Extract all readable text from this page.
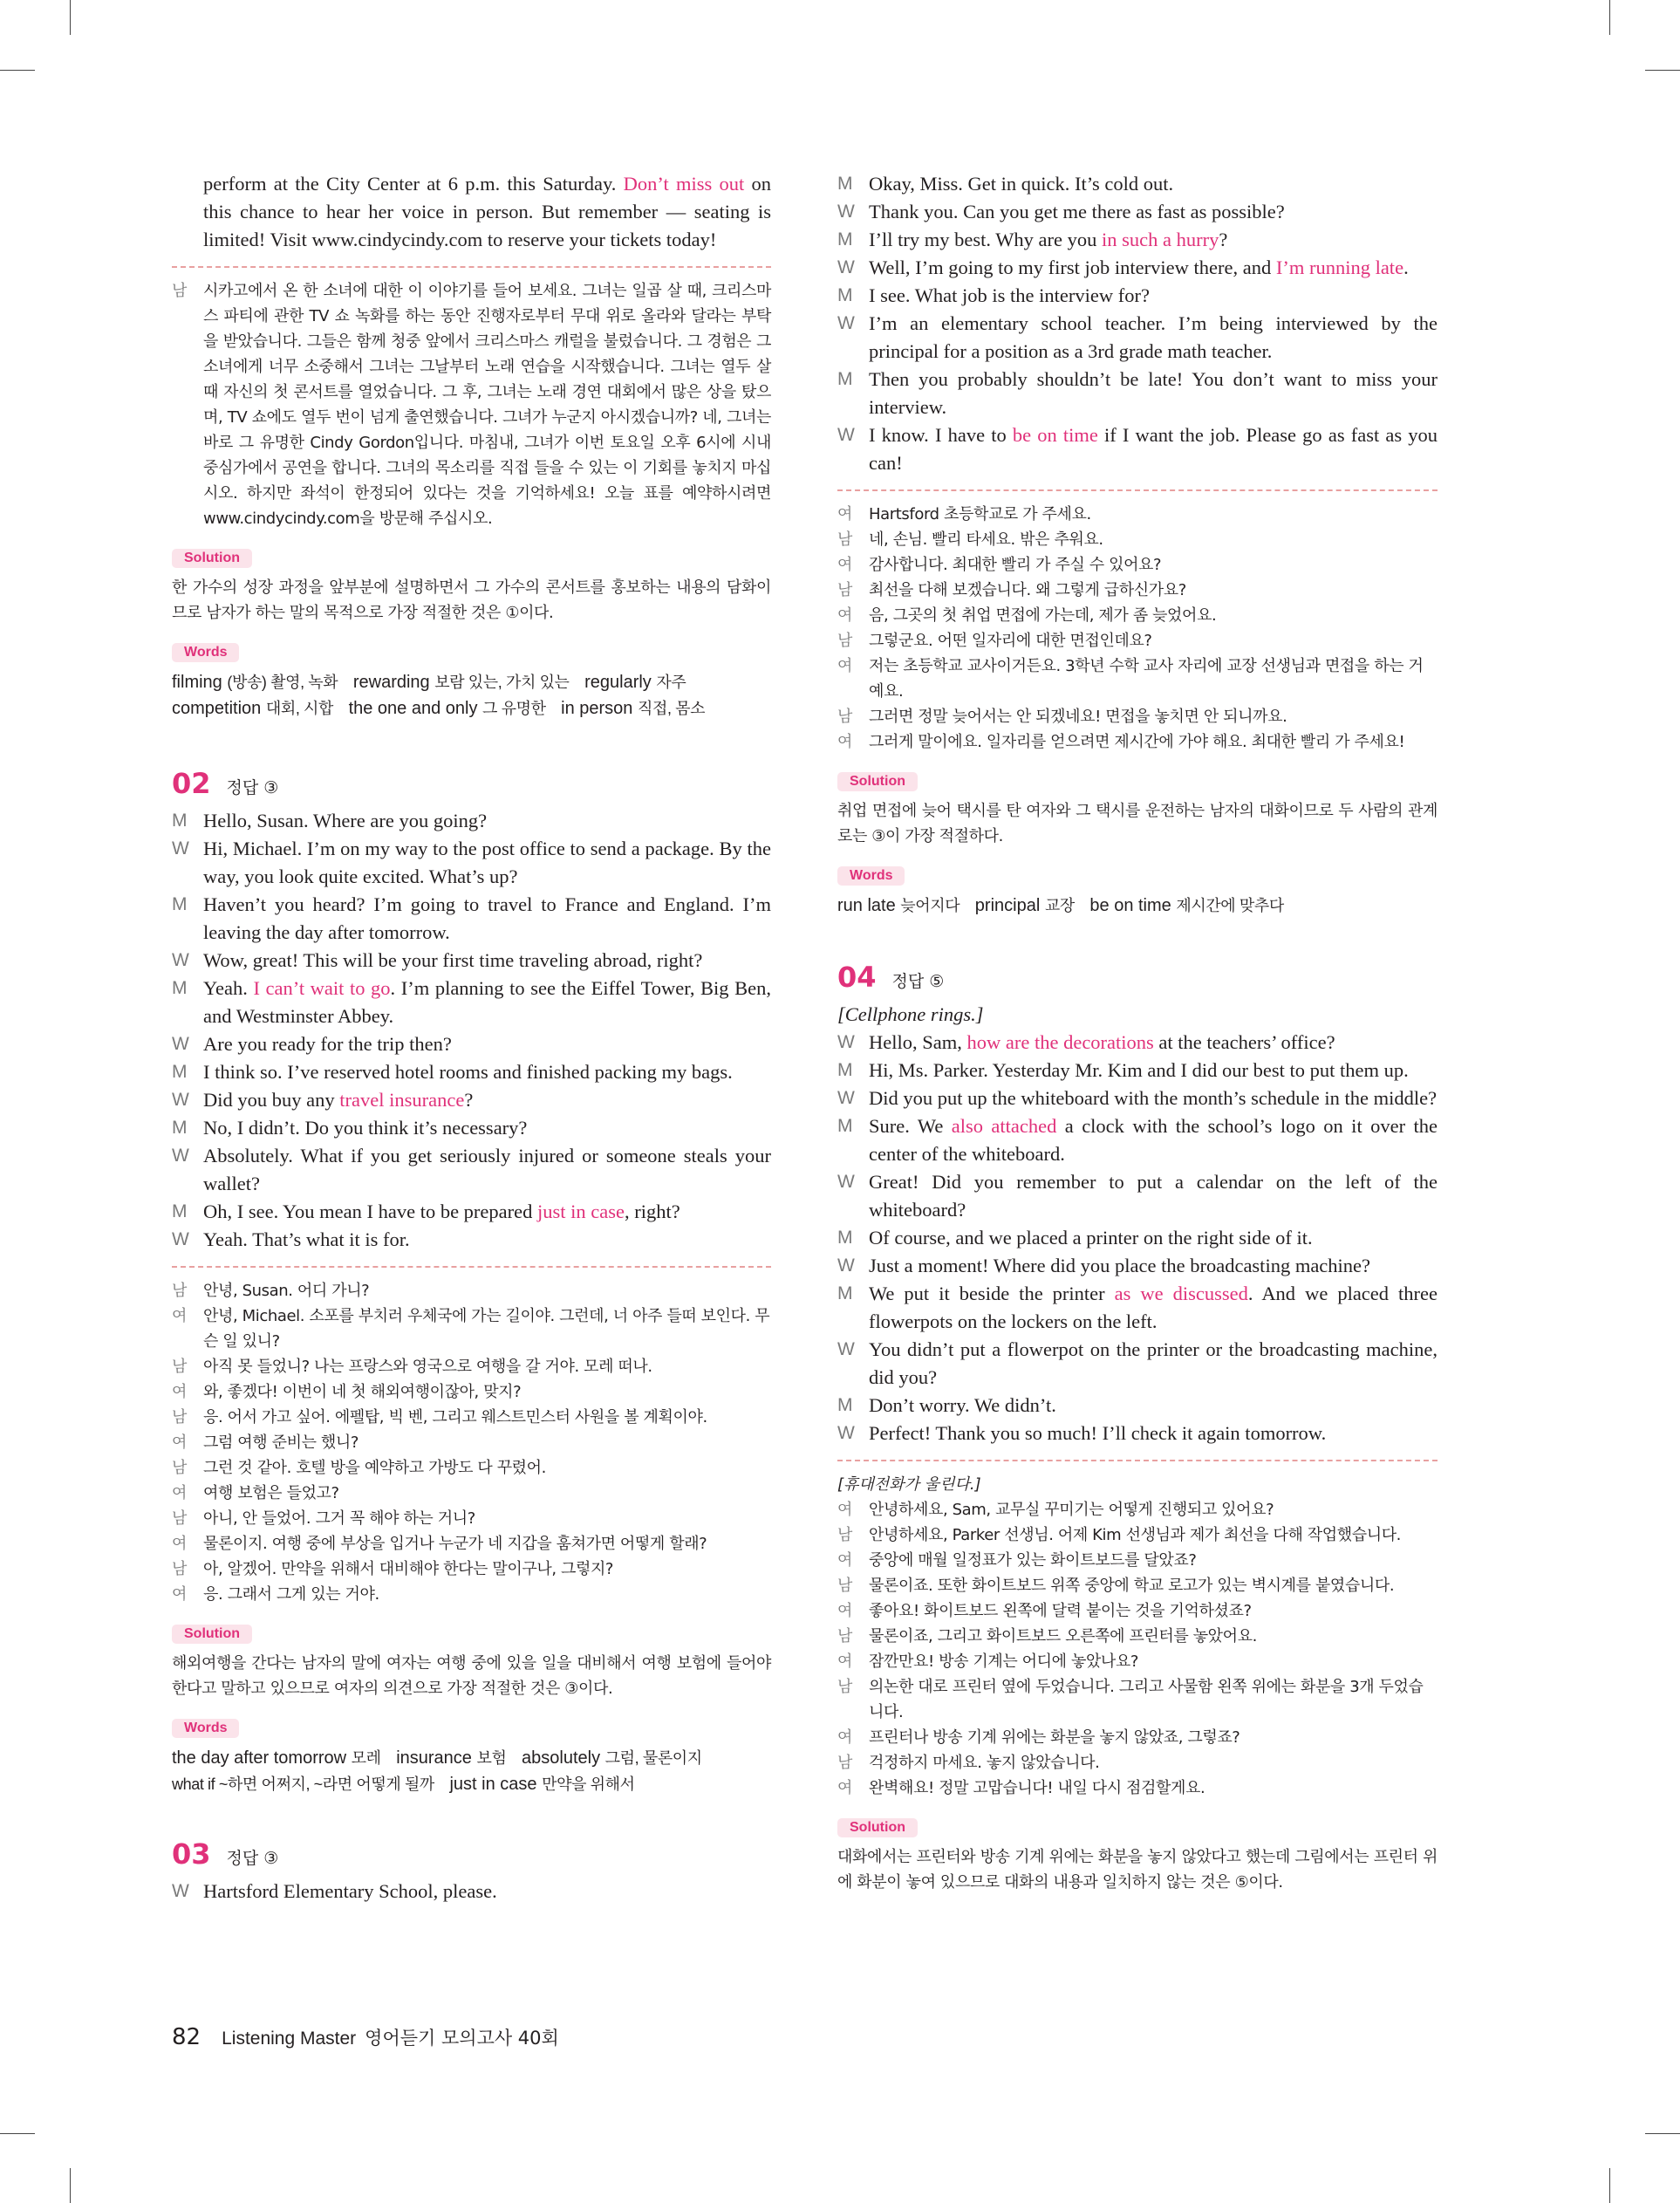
perform at the City Center at 6 p.m. this Saturday. Don’t miss out on this chance to hear her voice in person. But remember — seating is limited! Visit www.cindycindy.com to reserve your tickets today!
남 시카고에서 온 한 소녀에 대한 이 이야기를 들어 보세요. 그녀는 일곱 살 때, 크리스마스 파티에 관한 TV 쇼 녹화를 하는 동안 진행자로부터 무대 위로 올라와 달라는 부탁을 받았습니다. 그들은 함께 청중 앞에서 크리스마스 캐럴을 불렀습니다. 그 경험은 그 소녀에게 너무 소중해서 그녀는 그날부터 노래 연습을 시작했습니다. 그녀는 열두 살 때 자신의 첫 콘서트를 열었습니다. 그 후, 그녀는 노래 경연 대회에서 많은 상을 탔으며, TV 쇼에도 열두 번이 넘게 출연했습니다. 그녀가 누군지 아시겠습니까? 네, 그녀는 바로 그 유명한 Cindy Gordon입니다. 마침내, 그녀가 이번 토요일 오후 6시에 시내 중심가에서 공연을 합니다. 그녀의 목소리를 직접 들을 수 있는 이 기회를 놓치지 마십시오. 하지만 좌석이 한정되어 있다는 것을 기억하세요! 오늘 표를 예약하시려면 www.cindycindy.com을 방문해 주십시오.
Solution
한 가수의 성장 과정을 앞부분에 설명하면서 그 가수의 콘서트를 홍보하는 내용의 담화이므로 남자가 하는 말의 목적으로 가장 적절한 것은 ①이다.
Words
filming (방송) 촬영, 녹화 rewarding 보람 있는, 가치 있는 regularly 자주
competition 대회, 시합 the one and only 그 유명한 in person 직접, 몸소
02 정답 ③
M Hello, Susan. Where are you going?
W Hi, Michael. I’m on my way to the post office to send a package. By the way, you look quite excited. What’s up?
M Haven’t you heard? I’m going to travel to France and England. I’m leaving the day after tomorrow.
W Wow, great! This will be your first time traveling abroad, right?
M Yeah. I can’t wait to go. I’m planning to see the Eiffel Tower, Big Ben, and Westminster Abbey.
W Are you ready for the trip then?
M I think so. I’ve reserved hotel rooms and finished packing my bags.
W Did you buy any travel insurance?
M No, I didn’t. Do you think it’s necessary?
W Absolutely. What if you get seriously injured or someone steals your wallet?
M Oh, I see. You mean I have to be prepared just in case, right?
W Yeah. That’s what it is for.
남 안녕, Susan. 어디 가니?
여 안녕, Michael. 소포를 부치러 우체국에 가는 길이야. 그런데, 너 아주 들떠 보인다. 무슨 일 있니?
남 아직 못 들었니? 나는 프랑스와 영국으로 여행을 갈 거야. 모레 떠나.
여 와, 좋겠다! 이번이 네 첫 해외여행이잖아, 맞지?
남 응. 어서 가고 싶어. 에펠탑, 빅 벤, 그리고 웨스트민스터 사원을 볼 계획이야.
여 그럼 여행 준비는 했니?
남 그런 것 같아. 호텔 방을 예약하고 가방도 다 꾸렸어.
여 여행 보험은 들었고?
남 아니, 안 들었어. 그거 꼭 해야 하는 거니?
여 물론이지. 여행 중에 부상을 입거나 누군가 네 지갑을 훔쳐가면 어떻게 할래?
남 아, 알겠어. 만약을 위해서 대비해야 한다는 말이구나, 그렇지?
여 응. 그래서 그게 있는 거야.
Solution
해외여행을 간다는 남자의 말에 여자는 여행 중에 있을 일을 대비해서 여행 보험에 들어야 한다고 말하고 있으므로 여자의 의견으로 가장 적절한 것은 ③이다.
Words
the day after tomorrow 모레 insurance 보험 absolutely 그럼, 물론이지
what if ~하면 어쩌지, ~라면 어떻게 될까 just in case 만약을 위해서
03 정답 ③
W Hartsford Elementary School, please.
M Okay, Miss. Get in quick. It’s cold out.
W Thank you. Can you get me there as fast as possible?
M I’ll try my best. Why are you in such a hurry?
W Well, I’m going to my first job interview there, and I’m running late.
M I see. What job is the interview for?
W I’m an elementary school teacher. I’m being interviewed by the principal for a position as a 3rd grade math teacher.
M Then you probably shouldn’t be late! You don’t want to miss your interview.
W I know. I have to be on time if I want the job. Please go as fast as you can!
여 Hartsford 초등학교로 가 주세요.
남 네, 손님. 빨리 타세요. 밖은 추워요.
여 감사합니다. 최대한 빨리 가 주실 수 있어요?
남 최선을 다해 보겠습니다. 왜 그렇게 급하신가요?
여 음, 그곳의 첫 취업 면접에 가는데, 제가 좀 늦었어요.
남 그렇군요. 어떤 일자리에 대한 면접인데요?
여 저는 초등학교 교사이거든요. 3학년 수학 교사 자리에 교장 선생님과 면접을 하는 거예요.
남 그러면 정말 늦어서는 안 되겠네요! 면접을 놓치면 안 되니까요.
여 그러게 말이에요. 일자리를 얻으려면 제시간에 가야 해요. 최대한 빨리 가 주세요!
Solution
취업 면접에 늦어 택시를 탄 여자와 그 택시를 운전하는 남자의 대화이므로 두 사람의 관계로는 ③이 가장 적절하다.
Words
run late 늦어지다 principal 교장 be on time 제시간에 맞추다
04 정답 ⑤
[Cellphone rings.]
W Hello, Sam, how are the decorations at the teachers’ office?
M Hi, Ms. Parker. Yesterday Mr. Kim and I did our best to put them up.
W Did you put up the whiteboard with the month’s schedule in the middle?
M Sure. We also attached a clock with the school’s logo on it over the center of the whiteboard.
W Great! Did you remember to put a calendar on the left of the whiteboard?
M Of course, and we placed a printer on the right side of it.
W Just a moment! Where did you place the broadcasting machine?
M We put it beside the printer as we discussed. And we placed three flowerpots on the lockers on the left.
W You didn’t put a flowerpot on the printer or the broadcasting machine, did you?
M Don’t worry. We didn’t.
W Perfect! Thank you so much! I’ll check it again tomorrow.
[휴대전화가 울린다.]
여 안녕하세요, Sam, 교무실 꾸미기는 어떻게 진행되고 있어요?
남 안녕하세요, Parker 선생님. 어제 Kim 선생님과 제가 최선을 다해 작업했습니다.
여 중앙에 매월 일정표가 있는 화이트보드를 달았죠?
남 물론이죠. 또한 화이트보드 위쪽 중앙에 학교 로고가 있는 벽시계를 붙였습니다.
여 좋아요! 화이트보드 왼쪽에 달력 붙이는 것을 기억하셨죠?
남 물론이죠, 그리고 화이트보드 오른쪽에 프린터를 놓았어요.
여 잠깐만요! 방송 기계는 어디에 놓았나요?
남 의논한 대로 프린터 옆에 두었습니다. 그리고 사물함 왼쪽 위에는 화분을 3개 두었습니다.
여 프린터나 방송 기계 위에는 화분을 놓지 않았죠, 그렇죠?
남 걱정하지 마세요. 놓지 않았습니다.
여 완벽해요! 정말 고맙습니다! 내일 다시 점검할게요.
Solution
대화에서는 프린터와 방송 기계 위에는 화분을 놓지 않았다고 했는데 그림에서는 프린터 위에 화분이 놓여 있으므로 대화의 내용과 일치하지 않는 것은 ⑤이다.
82 Listening Master 영어듣기 모의고사 40회
